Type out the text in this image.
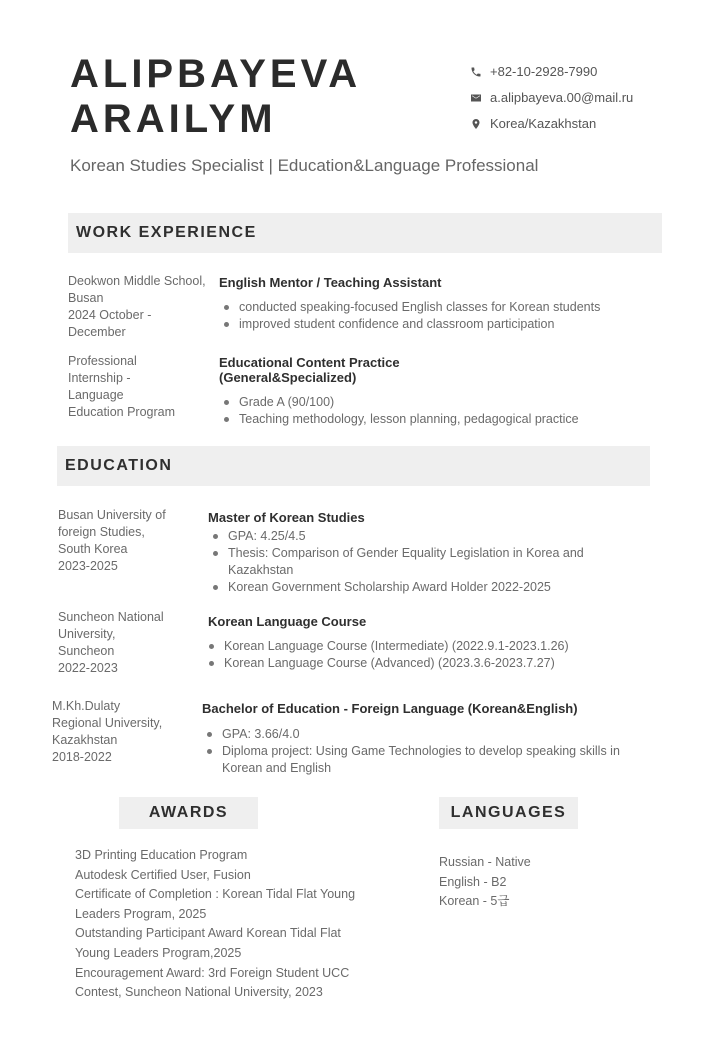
ALIPBAYEVA
ARAILYM
Korean Studies Specialist | Education&Language Professional
+82-10-2928-7990
a.alipbayeva.00@mail.ru
Korea/Kazakhstan
WORK EXPERIENCE
Deokwon Middle School,
Busan
2024 October -
December
English Mentor / Teaching Assistant
conducted speaking-focused English classes for Korean students
improved student confidence and classroom participation
Professional
Internship -
Language
Education Program
Educational Content Practice
(General&Specialized)
Grade A (90/100)
Teaching methodology, lesson planning, pedagogical practice
EDUCATION
Busan University of
foreign Studies,
South Korea
2023-2025
Master of Korean Studies
GPA: 4.25/4.5
Thesis: Comparison of Gender Equality Legislation in Korea and Kazakhstan
Korean Government Scholarship Award Holder 2022-2025
Suncheon National
University,
Suncheon
2022-2023
Korean Language Course
Korean Language Course (Intermediate) (2022.9.1-2023.1.26)
Korean Language Course (Advanced) (2023.3.6-2023.7.27)
M.Kh.Dulaty
Regional University,
Kazakhstan
2018-2022
Bachelor of Education - Foreign Language (Korean&English)
GPA: 3.66/4.0
Diploma project: Using Game Technologies to develop speaking skills in Korean and English
AWARDS
3D Printing Education Program
Autodesk Certified User, Fusion
Certificate of Completion : Korean Tidal Flat Young
Leaders Program, 2025
Outstanding Participant Award Korean Tidal Flat
Young Leaders Program,2025
Encouragement Award: 3rd Foreign Student UCC
Contest, Suncheon National University, 2023
LANGUAGES
Russian - Native
English - B2
Korean - 5급
